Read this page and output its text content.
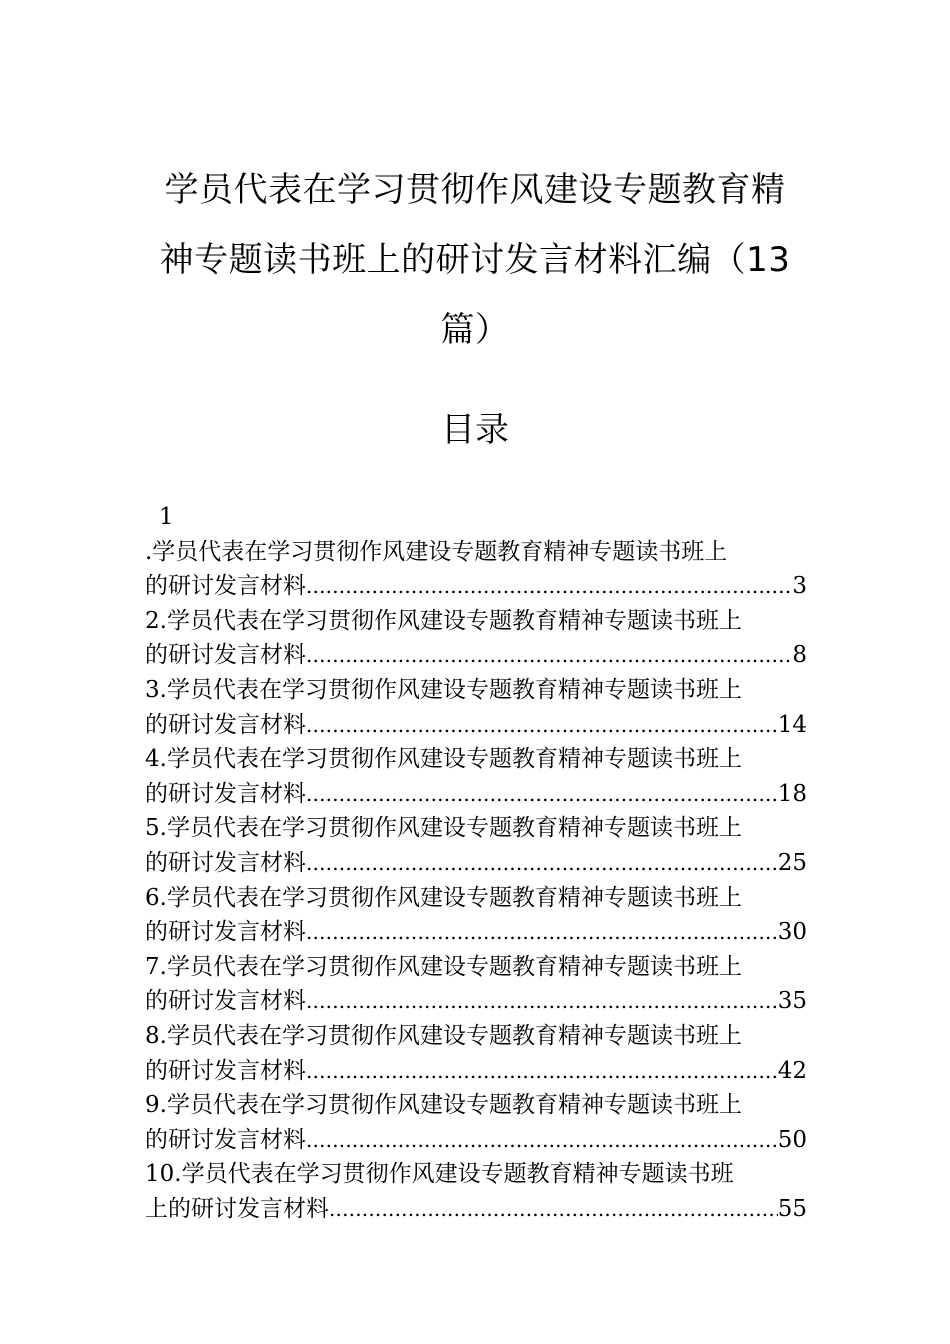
学员代表在学习贯彻作风建设专题教育精
神专题读书班上的研讨发言材料汇编（13
篇）
目录
1
.学员代表在学习贯彻作风建设专题教育精神专题读书班上
的研讨发言材料 .....	3
2.学员代表在学习贯彻作风建设专题教育精神专题读书班上
的研讨发言材料 .....	8
3.学员代表在学习贯彻作风建设专题教育精神专题读书班上
的研讨发言材料 .....	14
4.学员代表在学习贯彻作风建设专题教育精神专题读书班上
的研讨发言材料 .....	18
5.学员代表在学习贯彻作风建设专题教育精神专题读书班上
的研讨发言材料 .....	25
6.学员代表在学习贯彻作风建设专题教育精神专题读书班上
的研讨发言材料 .....	30
7.学员代表在学习贯彻作风建设专题教育精神专题读书班上
的研讨发言材料 .....	35
8.学员代表在学习贯彻作风建设专题教育精神专题读书班上
的研讨发言材料 .....	42
9.学员代表在学习贯彻作风建设专题教育精神专题读书班上
的研讨发言材料 .....	50
10.学员代表在学习贯彻作风建设专题教育精神专题读书班
上的研讨发言材料 .....	55
